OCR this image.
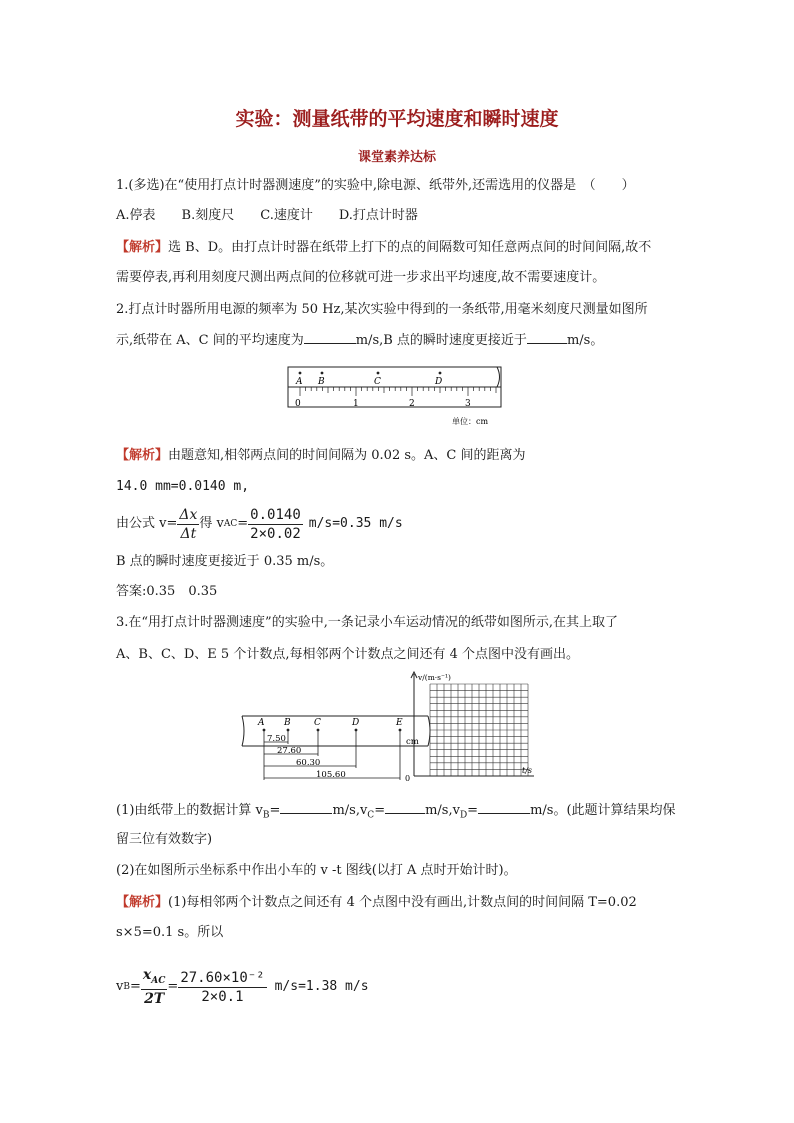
实验：测量纸带的平均速度和瞬时速度
课堂素养达标
1.(多选)在“使用打点计时器测速度”的实验中,除电源、纸带外,还需选用的仪器是　（　　）
A.停表　　B.刻度尺　　C.速度计　　D.打点计时器
【解析】选 B、D。由打点计时器在纸带上打下的点的间隔数可知任意两点间的时间间隔,故不
需要停表,再利用刻度尺测出两点间的位移就可进一步求出平均速度,故不需要速度计。
2.打点计时器所用电源的频率为 50 Hz,某次实验中得到的一条纸带,用毫米刻度尺测量如图所
示,纸带在 A、C 间的平均速度为	m/s,B 点的瞬时速度更接近于	m/s。
A B	C	D
0	1	2	3
单位：cm
【解析】由题意知,相邻两点间的时间间隔为 0.02 s。A、C 间的距离为
14.0 mm=0.0140 m,
由公式 $v= \frac{\Delta x}{\Delta t}$ 得 v AC = $\frac{0.0140}{2\times 0.02} m/s=0.35$ m/s
B 点的瞬时速度更接近于 0.35 m/s。
答案:0.35　0.35
3.在“用打点计时器测速度”的实验中,一条记录小车运动情况的纸带如图所示,在其上取了
A、B、C、D、E 5 个计数点,每相邻两个计数点之间还有 4 个点图中没有画出。
A B	C	D	E
7.50
27.60
60.30
105.60
cm
v/(m·s⁻¹)
t/s
0
(1)由纸带上的数据计算 $v_B=$	$m/s,v_C=$	$m/s,v_D=$	m/s。(此题计算结果均保
留三位有效数字)
(2)在如图所示坐标系中作出小车的 v -t 图线(以打 A 点时开始计时)。
【解析】(1)每相邻两个计数点之间还有 4 个点图中没有画出,计数点间的时间间隔 T=0.02
s×5=0.1 s。所以
v $B = \frac{x_{AC}}{2T} = \frac{\text{27.60×10⁻²}}{2\times 0.1} m/s=1.38$ m/s
